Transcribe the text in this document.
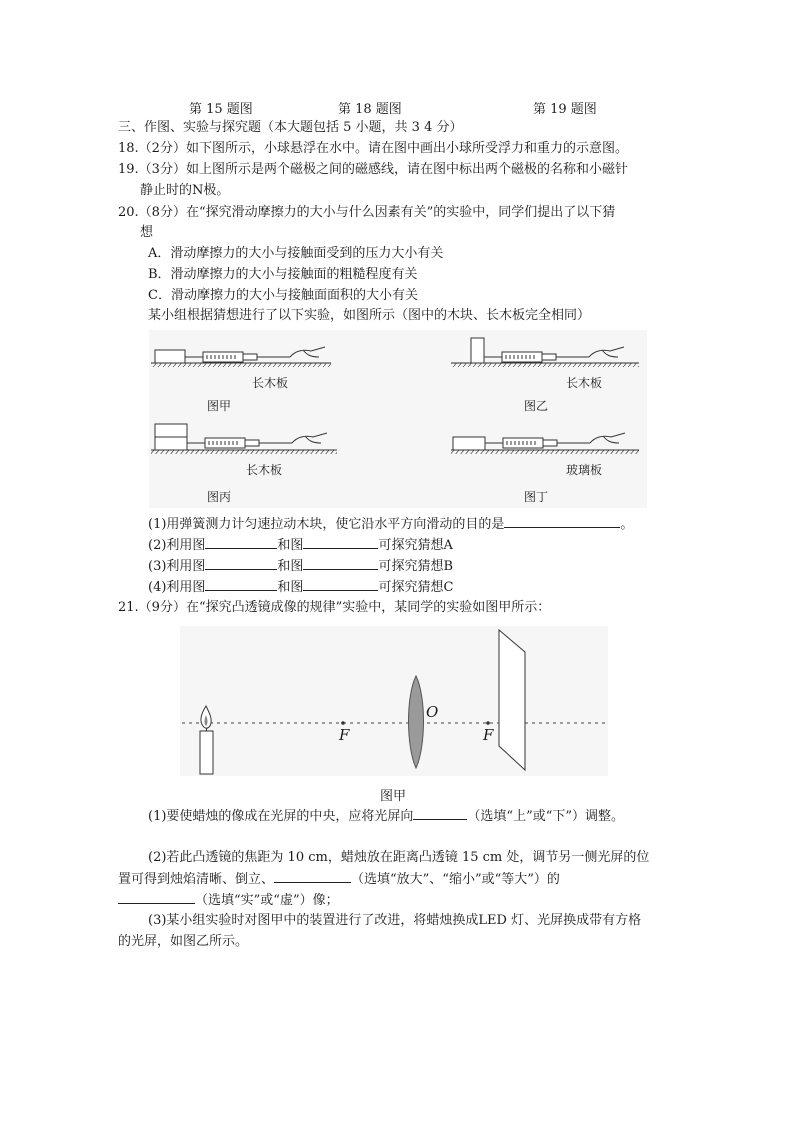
第 15 题图	第 18 题图	第 19 题图
三、作图、实验与探究题（本大题包括 5 小题，共 3 4 分）
18.（2分）如下图所示，小球悬浮在水中。请在图中画出小球所受浮力和重力的示意图。
19.（3分）如上图所示是两个磁极之间的磁感线，请在图中标出两个磁极的名称和小磁针
静止时的N极。
20.（8分）在“探究滑动摩擦力的大小与什么因素有关”的实验中，同学们提出了以下猜
想
A．滑动摩擦力的大小与接触面受到的压力大小有关
B．滑动摩擦力的大小与接触面的粗糙程度有关
C．滑动摩擦力的大小与接触面面积的大小有关
某小组根据猜想进行了以下实验，如图所示（图中的木块、长木板完全相同）
长木板	长木板
长木板	玻璃板
图甲	图乙
图丙	图丁
(1)用弹簧测力计匀速拉动木块，使它沿水平方向滑动的目的是	。
(2)利用图	和图	可探究猜想A
(3)利用图	和图	可探究猜想B
(4)利用图	和图	可探究猜想C
21.（9分）在“探究凸透镜成像的规律”实验中，某同学的实验如图甲所示：
O
F	F
图甲
(1)要使蜡烛的像成在光屏的中央，应将光屏向	（选填“上”或“下”）调整。
(2)若此凸透镜的焦距为 10 cm，蜡烛放在距离凸透镜 15 cm 处，调节另一侧光屏的位
置可得到烛焰清晰、倒立、	（选填“放大”、“缩小”或“等大”）的
（选填“实”或“虚”）像；
(3)某小组实验时对图甲中的装置进行了改进，将蜡烛换成LED 灯、光屏换成带有方格
的光屏，如图乙所示。
